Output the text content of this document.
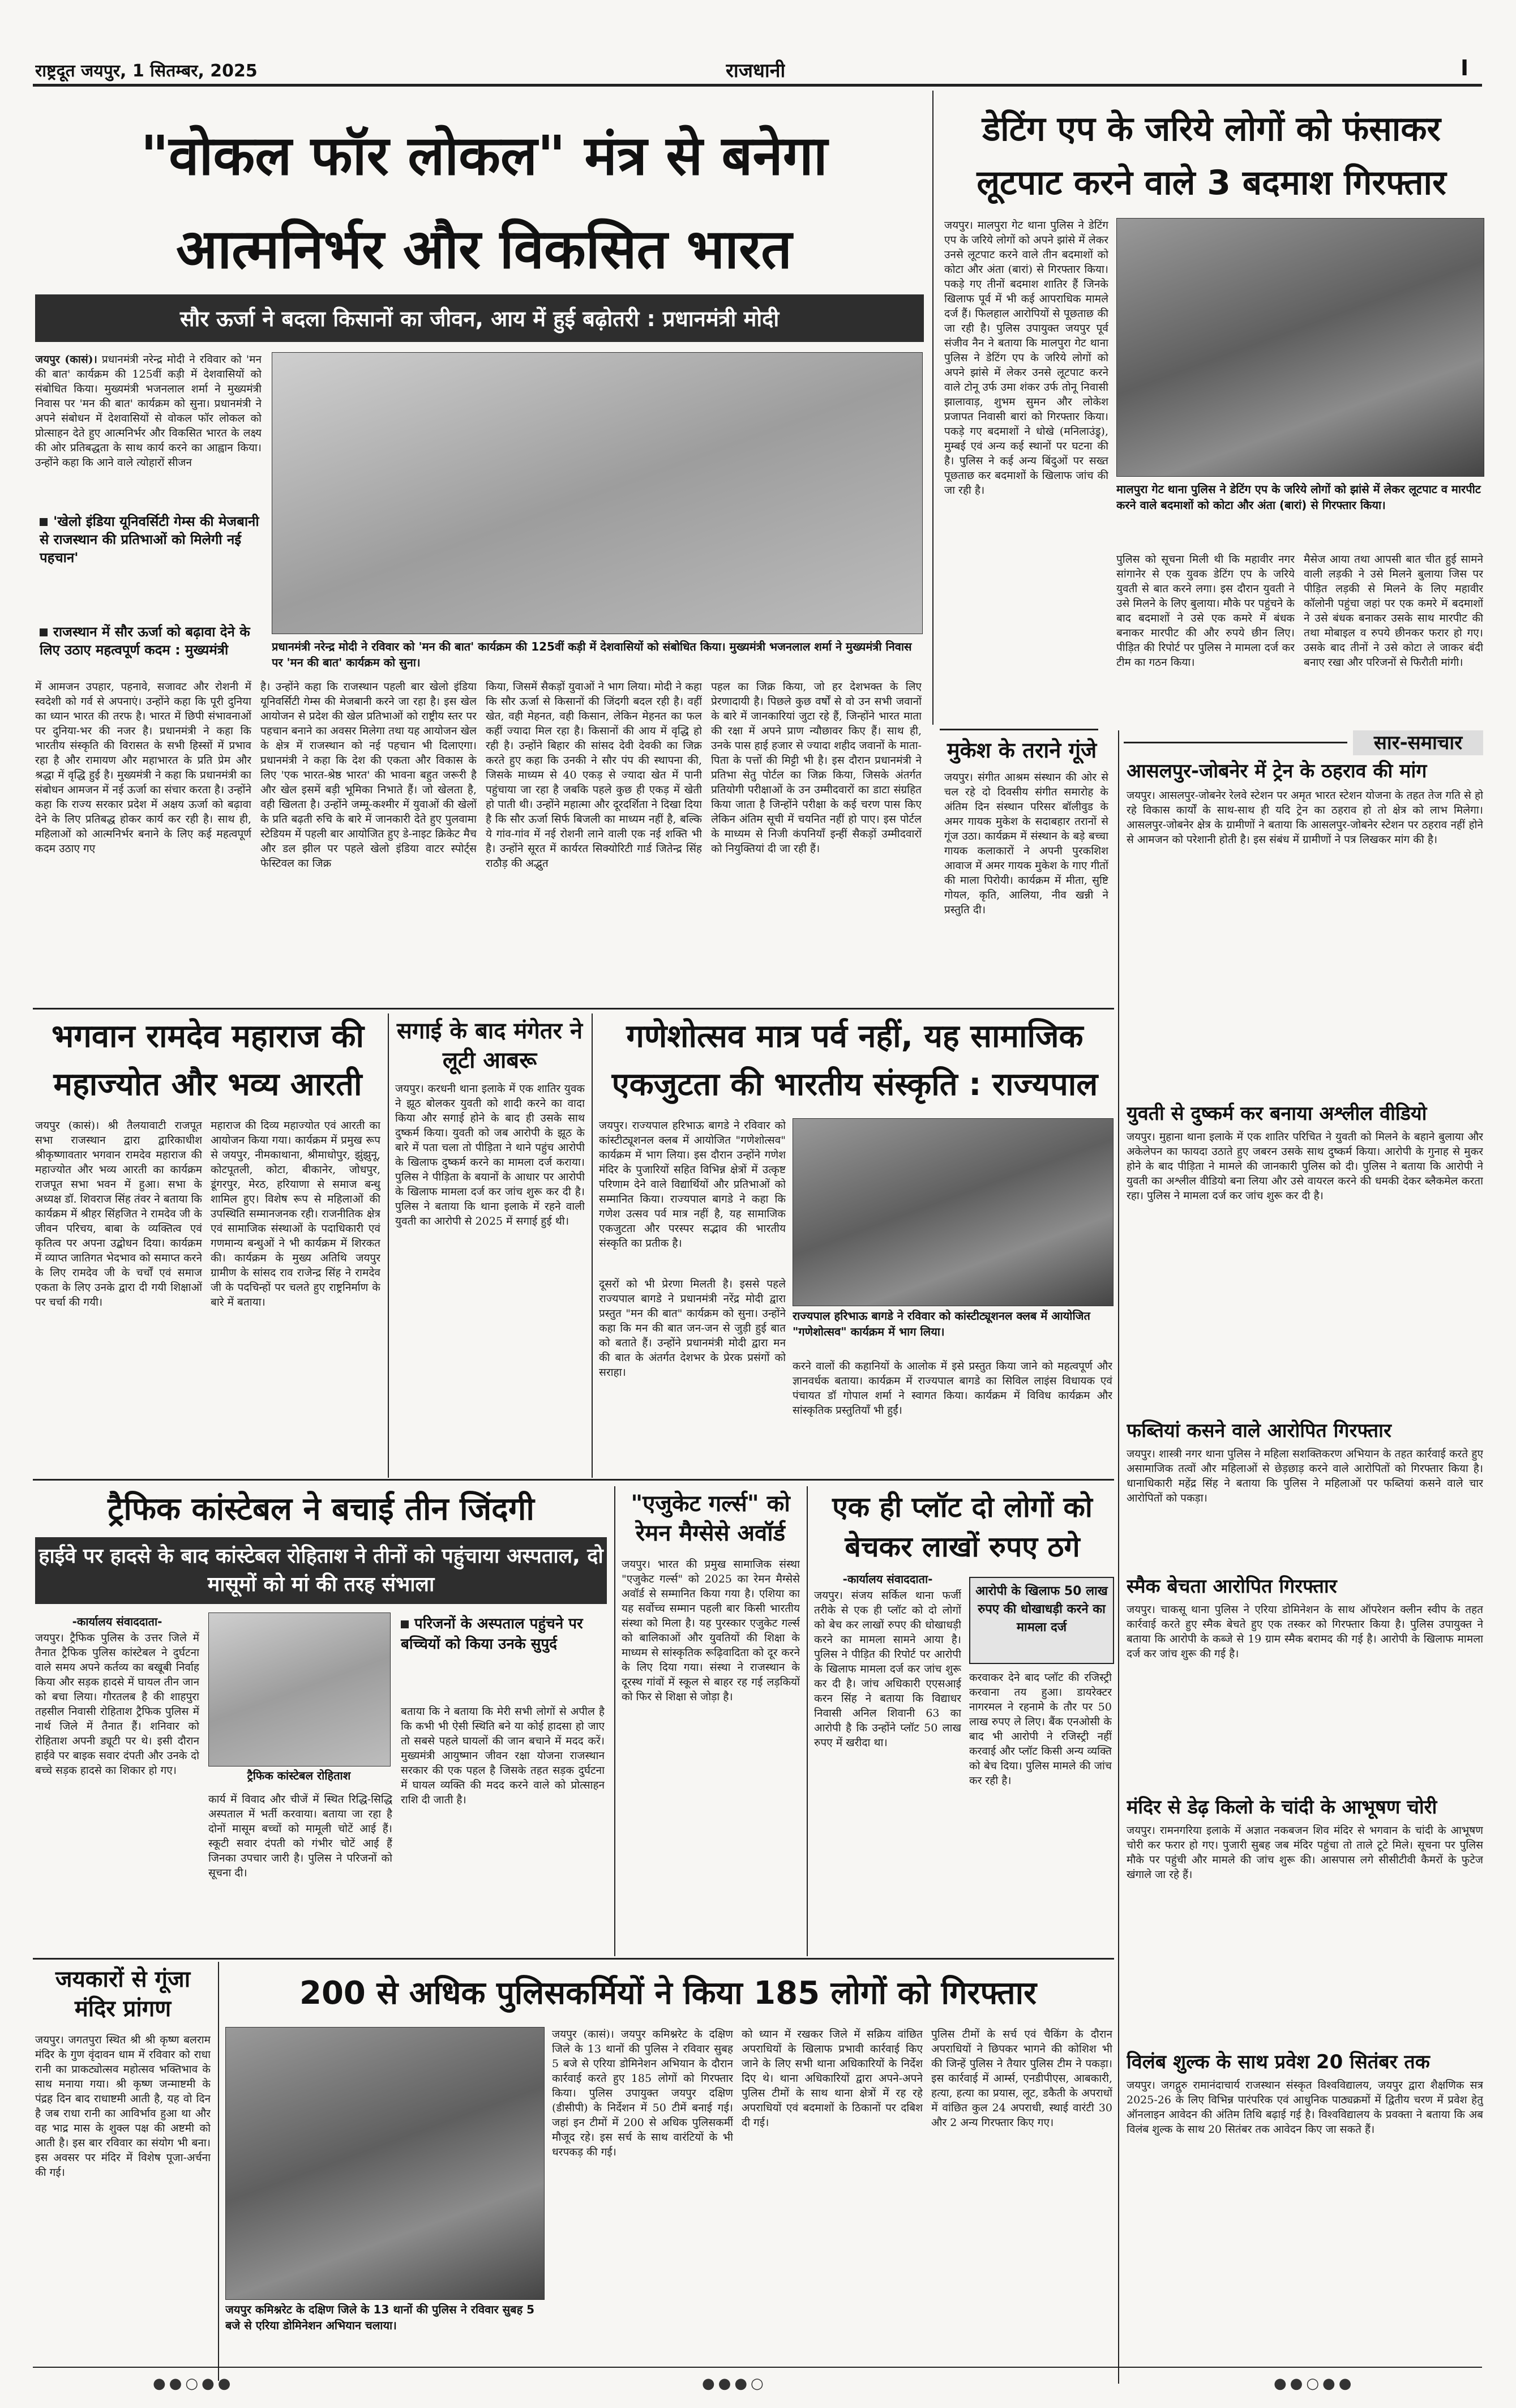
राष्ट्रदूत जयपुर, 1 सितम्बर, 2025	राजधानी	I
"वोकल फॉर लोकल" मंत्र से बनेगा
आत्मनिर्भर और विकसित भारत
सौर ऊर्जा ने बदला किसानों का जीवन, आय में हुई बढ़ोतरी : प्रधानमंत्री मोदी
जयपुर (कासं)। प्रधानमंत्री नरेन्द्र मोदी ने रविवार को 'मन की बात' कार्यक्रम की 125वीं कड़ी में देशवासियों को संबोधित किया। मुख्यमंत्री भजनलाल शर्मा ने मुख्यमंत्री निवास पर 'मन की बात' कार्यक्रम को सुना। प्रधानमंत्री ने अपने संबोधन में देशवासियों से वोकल फॉर लोकल को प्रोत्साहन देते हुए आत्मनिर्भर और विकसित भारत के लक्ष्य की ओर प्रतिबद्धता के साथ कार्य करने का आह्वान किया। उन्होंने कहा कि आने वाले त्योहारों सीजन
'खेलो इंडिया यूनिवर्सिटी गेम्स की मेजबानी से राजस्थान की प्रतिभाओं को मिलेगी नई पहचान'
राजस्थान में सौर ऊर्जा को बढ़ावा देने के लिए उठाए महत्वपूर्ण कदम : मुख्यमंत्री	प्रधानमंत्री नरेन्द्र मोदी ने रविवार को 'मन की बात' कार्यक्रम की 125वीं कड़ी में देशवासियों को संबोधित किया। मुख्यमंत्री भजनलाल शर्मा ने मुख्यमंत्री निवास पर 'मन की बात' कार्यक्रम को सुना।
में आमजन उपहार, पहनावे, सजावट और रोशनी में स्वदेशी को गर्व से अपनाएं। उन्होंने कहा कि पूरी दुनिया का ध्यान भारत की तरफ है। भारत में छिपी संभावनाओं पर दुनिया-भर की नजर है। प्रधानमंत्री ने कहा कि भारतीय संस्कृति की विरासत के सभी हिस्सों में प्रभाव रहा है और रामायण और महाभारत के प्रति प्रेम और श्रद्धा में वृद्धि हुई है। मुख्यमंत्री ने कहा कि प्रधानमंत्री का संबोधन आमजन में नई ऊर्जा का संचार करता है। उन्होंने कहा कि राज्य सरकार प्रदेश में अक्षय ऊर्जा को बढ़ावा देने के लिए प्रतिबद्ध होकर कार्य कर रही है। साथ ही, महिलाओं को आत्मनिर्भर बनाने के लिए कई महत्वपूर्ण कदम उठाए गए
है। उन्होंने कहा कि राजस्थान पहली बार खेलो इंडिया यूनिवर्सिटी गेम्स की मेजबानी करने जा रहा है। इस खेल आयोजन से प्रदेश की खेल प्रतिभाओं को राष्ट्रीय स्तर पर पहचान बनाने का अवसर मिलेगा तथा यह आयोजन खेल के क्षेत्र में राजस्थान को नई पहचान भी दिलाएगा। प्रधानमंत्री ने कहा कि देश की एकता और विकास के लिए 'एक भारत-श्रेष्ठ भारत' की भावना बहुत जरूरी है और खेल इसमें बड़ी भूमिका निभाते हैं। जो खेलता है, वही खिलता है। उन्होंने जम्मू-कश्मीर में युवाओं की खेलों के प्रति बढ़ती रुचि के बारे में जानकारी देते हुए पुलवामा स्टेडियम में पहली बार आयोजित हुए डे-नाइट क्रिकेट मैच और डल झील पर पहले खेलो इंडिया वाटर स्पोर्ट्स फेस्टिवल का जिक्र
किया, जिसमें सैकड़ों युवाओं ने भाग लिया। मोदी ने कहा कि सौर ऊर्जा से किसानों की जिंदगी बदल रही है। वहीं खेत, वही मेहनत, वही किसान, लेकिन मेहनत का फल कहीं ज्यादा मिल रहा है। किसानों की आय में वृद्धि हो रही है। उन्होंने बिहार की सांसद देवी देवकी का जिक्र करते हुए कहा कि उनकी ने सौर पंप की स्थापना की, जिसके माध्यम से 40 एकड़ से ज्यादा खेत में पानी पहुंचाया जा रहा है जबकि पहले कुछ ही एकड़ में खेती हो पाती थी। उन्होंने महात्मा और दूरदर्शिता ने दिखा दिया है कि सौर ऊर्जा सिर्फ बिजली का माध्यम नहीं है, बल्कि ये गांव-गांव में नई रोशनी लाने वाली एक नई शक्ति भी है। उन्होंने सूरत में कार्यरत सिक्योरिटी गार्ड जितेन्द्र सिंह राठौड़ की अद्भुत
पहल का जिक्र किया, जो हर देशभक्त के लिए प्रेरणादायी है। पिछले कुछ वर्षों से वो उन सभी जवानों के बारे में जानकारियां जुटा रहे हैं, जिन्होंने भारत माता की रक्षा में अपने प्राण न्यौछावर किए हैं। साथ ही, उनके पास हाई हजार से ज्यादा शहीद जवानों के माता-पिता के पत्तों की मिट्टी भी है। इस दौरान प्रधानमंत्री ने प्रतिभा सेतु पोर्टल का जिक्र किया, जिसके अंतर्गत प्रतियोगी परीक्षाओं के उन उम्मीदवारों का डाटा संग्रहित किया जाता है जिन्होंने परीक्षा के कई चरण पास किए लेकिन अंतिम सूची में चयनित नहीं हो पाए। इस पोर्टल के माध्यम से निजी कंपनियाँ इन्हीं सैकड़ों उम्मीदवारों को नियुक्तियां दी जा रही हैं।
डेटिंग एप के जरिये लोगों को फंसाकर
लूटपाट करने वाले 3 बदमाश गिरफ्तार
जयपुर। मालपुरा गेट थाना पुलिस ने डेटिंग एप के जरिये लोगों को अपने झांसे में लेकर उनसे लूटपाट करने वाले तीन बदमाशों को कोटा और अंता (बारां) से गिरफ्तार किया। पकड़े गए तीनों बदमाश शातिर हैं जिनके खिलाफ पूर्व में भी कई आपराधिक मामले दर्ज हैं। फिलहाल आरोपियों से पूछताछ की जा रही है। पुलिस उपायुक्त जयपुर पूर्व संजीव नैन ने बताया कि मालपुरा गेट थाना पुलिस ने डेटिंग एप के जरिये लोगों को अपने झांसे में लेकर उनसे लूटपाट करने वाले टोनू उर्फ उमा शंकर उर्फ तोनू निवासी झालावाड़, शुभम सुमन और लोकेश प्रजापत निवासी बारां को गिरफ्तार किया। पकड़े गए बदमाशों ने धोखे (मनिलाउंड्र्), मुम्बई एवं अन्य कई स्थानों पर घटना की है। पुलिस ने कई अन्य बिंदुओं पर सख्त पूछताछ कर बदमाशों के खिलाफ जांच की जा रही है।	मालपुरा गेट थाना पुलिस ने डेटिंग एप के जरिये लोगों को झांसे में लेकर लूटपाट व मारपीट करने वाले बदमाशों को कोटा और अंता (बारां) से गिरफ्तार किया।
पुलिस को सूचना मिली थी कि महावीर नगर सांगानेर से एक युवक डेटिंग एप के जरिये युवती से बात करने लगा। इस दौरान युवती ने उसे मिलने के लिए बुलाया। मौके पर पहुंचने के बाद बदमाशों ने उसे एक कमरे में बंधक बनाकर मारपीट की और रुपये छीन लिए। पीड़ित की रिपोर्ट पर पुलिस ने मामला दर्ज कर टीम का गठन किया।
मैसेज आया तथा आपसी बात चीत हुई सामने वाली लड़की ने उसे मिलने बुलाया जिस पर पीड़ित लड़की से मिलने के लिए महावीर कॉलोनी पहुंचा जहां पर एक कमरे में बदमाशों ने उसे बंधक बनाकर उसके साथ मारपीट की तथा मोबाइल व रुपये छीनकर फरार हो गए। उसके बाद तीनों ने उसे कोटा ले जाकर बंदी बनाए रखा और परिजनों से फिरौती मांगी।
मुकेश के तराने गूंजे
जयपुर। संगीत आश्रम संस्थान की ओर से चल रहे दो दिवसीय संगीत समारोह के अंतिम दिन संस्थान परिसर बॉलीवुड के अमर गायक मुकेश के सदाबहार तरानों से गूंज उठा। कार्यक्रम में संस्थान के बड़े बच्चा गायक कलाकारों ने अपनी पुरकशिश आवाज में अमर गायक मुकेश के गाए गीतों की माला पिरोयी। कार्यक्रम में मीता, सुष्टि गोयल, कृति, आलिया, नीव खन्नी ने प्रस्तुति दी।
सार-समाचार
आसलपुर-जोबनेर में ट्रेन के ठहराव की मांग
जयपुर। आसलपुर-जोबनेर रेलवे स्टेशन पर अमृत भारत स्टेशन योजना के तहत तेज गति से हो रहे विकास कार्यों के साथ-साथ ही यदि ट्रेन का ठहराव हो तो क्षेत्र को लाभ मिलेगा। आसलपुर-जोबनेर क्षेत्र के ग्रामीणों ने बताया कि आसलपुर-जोबनेर स्टेशन पर ठहराव नहीं होने से आमजन को परेशानी होती है। इस संबंध में ग्रामीणों ने पत्र लिखकर मांग की है।
युवती से दुष्कर्म कर बनाया अश्लील वीडियो
जयपुर। मुहाना थाना इलाके में एक शातिर परिचित ने युवती को मिलने के बहाने बुलाया और अकेलेपन का फायदा उठाते हुए जबरन उसके साथ दुष्कर्म किया। आरोपी के गुनाह से मुकर होने के बाद पीड़िता ने मामले की जानकारी पुलिस को दी। पुलिस ने बताया कि आरोपी ने युवती का अश्लील वीडियो बना लिया और उसे वायरल करने की धमकी देकर ब्लैकमेल करता रहा। पुलिस ने मामला दर्ज कर जांच शुरू कर दी है।
फब्तियां कसने वाले आरोपित गिरफ्तार
जयपुर। शास्त्री नगर थाना पुलिस ने महिला सशक्तिकरण अभियान के तहत कार्रवाई करते हुए असामाजिक तत्वों और महिलाओं से छेड़छाड़ करने वाले आरोपितों को गिरफ्तार किया है। धानाधिकारी महेंद्र सिंह ने बताया कि पुलिस ने महिलाओं पर फब्तियां कसने वाले चार आरोपितों को पकड़ा।
स्मैक बेचता आरोपित गिरफ्तार
जयपुर। चाकसू थाना पुलिस ने एरिया डोमिनेशन के साथ ऑपरेशन क्लीन स्वीप के तहत कार्रवाई करते हुए स्मैक बेचते हुए एक तस्कर को गिरफ्तार किया है। पुलिस उपायुक्त ने बताया कि आरोपी के कब्जे से 19 ग्राम स्मैक बरामद की गई है। आरोपी के खिलाफ मामला दर्ज कर जांच शुरू की गई है।
मंदिर से डेढ़ किलो के चांदी के आभूषण चोरी
जयपुर। रामनगरिया इलाके में अज्ञात नकबजन शिव मंदिर से भगवान के चांदी के आभूषण चोरी कर फरार हो गए। पुजारी सुबह जब मंदिर पहुंचा तो ताले टूटे मिले। सूचना पर पुलिस मौके पर पहुंची और मामले की जांच शुरू की। आसपास लगे सीसीटीवी कैमरों के फुटेज खंगाले जा रहे हैं।
विलंब शुल्क के साथ प्रवेश 20 सितंबर तक
जयपुर। जगद्गुरु रामानंदाचार्य राजस्थान संस्कृत विश्वविद्यालय, जयपुर द्वारा शैक्षणिक सत्र 2025-26 के लिए विभिन्न पारंपरिक एवं आधुनिक पाठ्यक्रमों में द्वितीय चरण में प्रवेश हेतु ऑनलाइन आवेदन की अंतिम तिथि बढ़ाई गई है। विश्वविद्यालय के प्रवक्ता ने बताया कि अब विलंब शुल्क के साथ 20 सितंबर तक आवेदन किए जा सकते हैं।
भगवान रामदेव महाराज की
महाज्योत और भव्य आरती
जयपुर (कासं)। श्री तैलयावाटी राजपूत सभा राजस्थान द्वारा द्वारिकाधीश श्रीकृष्णावतार भगवान रामदेव महाराज की महाज्योत और भव्य आरती का कार्यक्रम राजपूत सभा भवन में हुआ। सभा के अध्यक्ष डॉ. शिवराज सिंह तंवर ने बताया कि कार्यक्रम में श्रीहर सिंहजित ने रामदेव जी के जीवन परिचय, बाबा के व्यक्तित्व एवं कृतित्व पर अपना उद्बोधन दिया। कार्यक्रम में व्याप्त जातिगत भेदभाव को समाप्त करने के लिए रामदेव जी के चर्चों एवं समाज एकता के लिए उनके द्वारा दी गयी शिक्षाओं पर चर्चा की गयी।
महाराज की दिव्य महाज्योत एवं आरती का आयोजन किया गया। कार्यक्रम में प्रमुख रूप से जयपुर, नीमकाथाना, श्रीमाधोपुर, झुंझुनू, कोटपूतली, कोटा, बीकानेर, जोधपुर, डूंगरपुर, मेरठ, हरियाणा से समाज बन्धु शामिल हुए। विशेष रूप से महिलाओं की उपस्थिति सम्मानजनक रही। राजनीतिक क्षेत्र एवं सामाजिक संस्थाओं के पदाधिकारी एवं गणमान्य बन्धुओं ने भी कार्यक्रम में शिरकत की। कार्यक्रम के मुख्य अतिथि जयपुर ग्रामीण के सांसद राव राजेन्द्र सिंह ने रामदेव जी के पदचिन्हों पर चलते हुए राष्ट्रनिर्माण के बारे में बताया।
सगाई के बाद मंगेतर ने लूटी आबरू
जयपुर। करधनी थाना इलाके में एक शातिर युवक ने झूठ बोलकर युवती को शादी करने का वादा किया और सगाई होने के बाद ही उसके साथ दुष्कर्म किया। युवती को जब आरोपी के झूठ के बारे में पता चला तो पीड़िता ने थाने पहुंच आरोपी के खिलाफ दुष्कर्म करने का मामला दर्ज कराया। पुलिस ने पीड़िता के बयानों के आधार पर आरोपी के खिलाफ मामला दर्ज कर जांच शुरू कर दी है। पुलिस ने बताया कि थाना इलाके में रहने वाली युवती का आरोपी से 2025 में सगाई हुई थी।
गणेशोत्सव मात्र पर्व नहीं, यह सामाजिक
एकजुटता की भारतीय संस्कृति : राज्यपाल
जयपुर। राज्यपाल हरिभाऊ बागडे ने रविवार को कांस्टीट्यूशनल क्लब में आयोजित "गणेशोत्सव" कार्यक्रम में भाग लिया। इस दौरान उन्होंने गणेश मंदिर के पुजारियों सहित विभिन्न क्षेत्रों में उत्कृष्ट परिणाम देने वाले विद्यार्थियों और प्रतिभाओं को सम्मानित किया। राज्यपाल बागडे ने कहा कि गणेश उत्सव पर्व मात्र नहीं है, यह सामाजिक एकजुटता और परस्पर सद्भाव की भारतीय संस्कृति का प्रतीक है।
राज्यपाल हरिभाऊ बागडे ने रविवार को कांस्टीट्यूशनल क्लब में आयोजित "गणेशोत्सव" कार्यक्रम में भाग लिया।
दूसरों को भी प्रेरणा मिलती है। इससे पहले राज्यपाल बागडे ने प्रधानमंत्री नरेंद्र मोदी द्वारा प्रस्तुत "मन की बात" कार्यक्रम को सुना। उन्होंने कहा कि मन की बात जन-जन से जुड़ी हुई बात को बताते हैं। उन्होंने प्रधानमंत्री मोदी द्वारा मन की बात के अंतर्गत देशभर के प्रेरक प्रसंगों को सराहा।	करने वालों की कहानियों के आलोक में इसे प्रस्तुत किया जाने को महत्वपूर्ण और ज्ञानवर्धक बताया। कार्यक्रम में राज्यपाल बागडे का सिविल लाइंस विधायक एवं पंचायत डॉ गोपाल शर्मा ने स्वागत किया। कार्यक्रम में विविध कार्यक्रम और सांस्कृतिक प्रस्तुतियाँ भी हुईं।
ट्रैफिक कांस्टेबल ने बचाई तीन जिंदगी
हाईवे पर हादसे के बाद कांस्टेबल रोहिताश ने तीनों को पहुंचाया अस्पताल, दो मासूमों को मां की तरह संभाला
-कार्यालय संवाददाता-
जयपुर। ट्रैफिक पुलिस के उत्तर जिले में तैनात ट्रैफिक पुलिस कांस्टेबल ने दुर्घटना वाले समय अपने कर्तव्य का बखूबी निर्वाह किया और सड़क हादसे में घायल तीन जान को बचा लिया। गौरतलब है की शाहपुरा तहसील निवासी रोहिताश ट्रैफिक पुलिस में नार्थ जिले में तैनात हैं। शनिवार को रोहिताश अपनी ड्यूटी पर थे। इसी दौरान हाईवे पर बाइक सवार दंपती और उनके दो बच्चे सड़क हादसे का शिकार हो गए।	ट्रैफिक कांस्टेबल रोहिताश
परिजनों के अस्पताल पहुंचने पर बच्चियों को किया उनके सुपुर्द
बताया कि ने बताया कि मेरी सभी लोगों से अपील है कि कभी भी ऐसी स्थिति बने या कोई हादसा हो जाए तो सबसे पहले घायलों की जान बचाने में मदद करें। मुख्यमंत्री आयुष्मान जीवन रक्षा योजना राजस्थान सरकार की एक पहल है जिसके तहत सड़क दुर्घटना में घायल व्यक्ति की मदद करने वाले को प्रोत्साहन राशि दी जाती है।
कार्य में विवाद और चीजें में स्थित रिद्धि-सिद्धि अस्पताल में भर्ती करवाया। बताया जा रहा है दोनों मासूम बच्चों को मामूली चोटें आई हैं। स्कूटी सवार दंपती को गंभीर चोटें आई हैं जिनका उपचार जारी है। पुलिस ने परिजनों को सूचना दी।
"एजुकेट गर्ल्स" को रेमन मैग्सेसे अवॉर्ड
जयपुर। भारत की प्रमुख सामाजिक संस्था "एजुकेट गर्ल्स" को 2025 का रेमन मैग्सेसे अवॉर्ड से सम्मानित किया गया है। एशिया का यह सर्वोच्च सम्मान पहली बार किसी भारतीय संस्था को मिला है। यह पुरस्कार एजुकेट गर्ल्स को बालिकाओं और युवतियों की शिक्षा के माध्यम से सांस्कृतिक रूढ़िवादिता को दूर करने के लिए दिया गया। संस्था ने राजस्थान के दूरस्थ गांवों में स्कूल से बाहर रह गई लड़कियों को फिर से शिक्षा से जोड़ा है।
एक ही प्लॉट दो लोगों को
बेचकर लाखों रुपए ठगे
-कार्यालय संवाददाता-
जयपुर। संजय सर्किल थाना फर्जी तरीके से एक ही प्लॉट को दो लोगों को बेच कर लाखों रुपए की धोखाधड़ी करने का मामला सामने आया है। पुलिस ने पीड़ित की रिपोर्ट पर आरोपी के खिलाफ मामला दर्ज कर जांच शुरू कर दी है। जांच अधिकारी एएसआई करन सिंह ने बताया कि विद्याधर निवासी अनिल शिवानी 63 का आरोपी है कि उन्होंने प्लॉट 50 लाख रुपए में खरीदा था।
आरोपी के खिलाफ 50 लाख रुपए की धोखाधड़ी करने का मामला दर्ज
करवाकर देने बाद प्लॉट की रजिस्ट्री करवाना तय हुआ। डायरेक्टर नागरमल ने रहनामे के तौर पर 50 लाख रुपए ले लिए। बैंक एनओसी के बाद भी आरोपी ने रजिस्ट्री नहीं करवाई और प्लॉट किसी अन्य व्यक्ति को बेच दिया। पुलिस मामले की जांच कर रही है।
जयकारों से गूंजा मंदिर प्रांगण
जयपुर। जगतपुरा स्थित श्री श्री कृष्ण बलराम मंदिर के गुण वृंदावन धाम में रविवार को राधा रानी का प्राकट्योत्सव महोत्सव भक्तिभाव के साथ मनाया गया। श्री कृष्ण जन्माष्टमी के पंद्रह दिन बाद राधाष्टमी आती है, यह वो दिन है जब राधा रानी का आविर्भाव हुआ था और वह भाद्र मास के शुक्ल पक्ष की अष्टमी को आती है। इस बार रविवार का संयोग भी बना। इस अवसर पर मंदिर में विशेष पूजा-अर्चना की गई।
200 से अधिक पुलिसकर्मियों ने किया 185 लोगों को गिरफ्तार
जयपुर कमिश्नरेट के दक्षिण जिले के 13 थानों की पुलिस ने रविवार सुबह 5 बजे से एरिया डोमिनेशन अभियान चलाया।
जयपुर (कासं)। जयपुर कमिश्नरेट के दक्षिण जिले के 13 थानों की पुलिस ने रविवार सुबह 5 बजे से एरिया डोमिनेशन अभियान के दौरान कार्रवाई करते हुए 185 लोगों को गिरफ्तार किया। पुलिस उपायुक्त जयपुर दक्षिण (डीसीपी) के निर्देशन में 50 टीमें बनाई गई। जहां इन टीमों में 200 से अधिक पुलिसकर्मी मौजूद रहे। इस सर्च के साथ वारंटियों के भी धरपकड़ की गई।
को ध्यान में रखकर जिले में सक्रिय वांछित अपराधियों के खिलाफ प्रभावी कार्रवाई किए जाने के लिए सभी थाना अधिकारियों के निर्देश दिए थे। थाना अधिकारियों द्वारा अपने-अपने पुलिस टीमों के साथ थाना क्षेत्रों में रह रहे अपराधियों एवं बदमाशों के ठिकानों पर दबिश दी गई।
पुलिस टीमों के सर्च एवं चैकिंग के दौरान अपराधियों ने छिपकर भागने की कोशिश भी की जिन्हें पुलिस ने तैयार पुलिस टीम ने पकड़ा। इस कार्रवाई में आर्म्स, एनडीपीएस, आबकारी, हत्या, हत्या का प्रयास, लूट, डकैती के अपराधों में वांछित कुल 24 अपराधी, स्थाई वारंटी 30 और 2 अन्य गिरफ्तार किए गए।
●●○●●	●●●○	●●○●●
